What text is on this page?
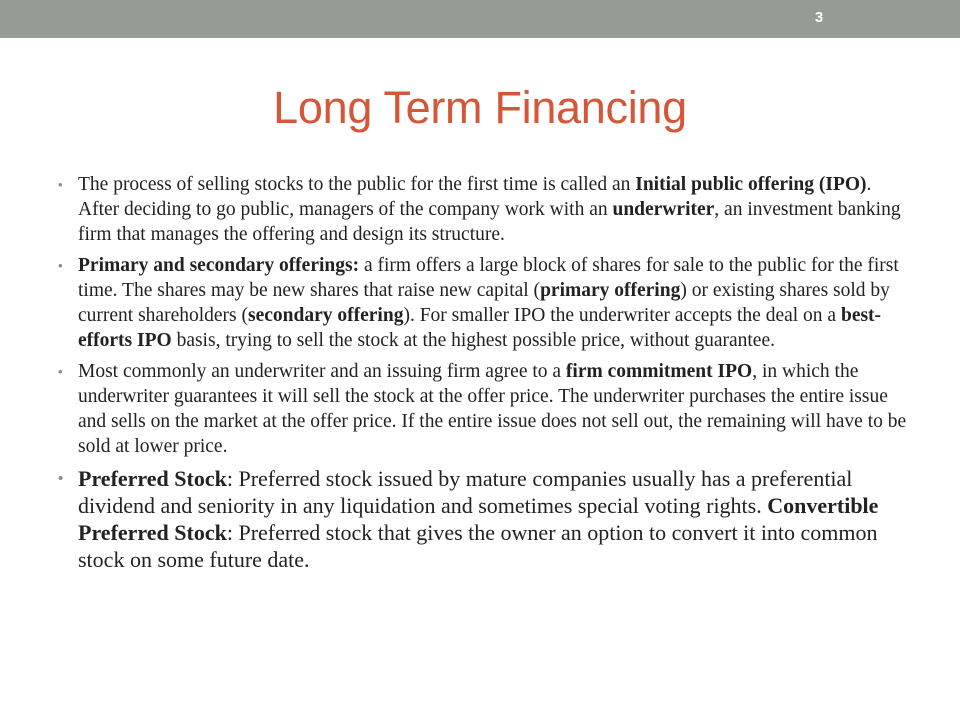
3
Long Term Financing
• The process of selling stocks to the public for the first time is called an Initial public offering (IPO). After deciding to go public, managers of the company work with an underwriter, an investment banking firm that manages the offering and design its structure.
• Primary and secondary offerings: a firm offers a large block of shares for sale to the public for the first time. The shares may be new shares that raise new capital (primary offering) or existing shares sold by current shareholders (secondary offering). For smaller IPO the underwriter accepts the deal on a best-efforts IPO basis, trying to sell the stock at the highest possible price, without guarantee.
• Most commonly an underwriter and an issuing firm agree to a firm commitment IPO, in which the underwriter guarantees it will sell the stock at the offer price. The underwriter purchases the entire issue and sells on the market at the offer price. If the entire issue does not sell out, the remaining will have to be sold at lower price.
• Preferred Stock: Preferred stock issued by mature companies usually has a preferential dividend and seniority in any liquidation and sometimes special voting rights. Convertible Preferred Stock: Preferred stock that gives the owner an option to convert it into common stock on some future date.
